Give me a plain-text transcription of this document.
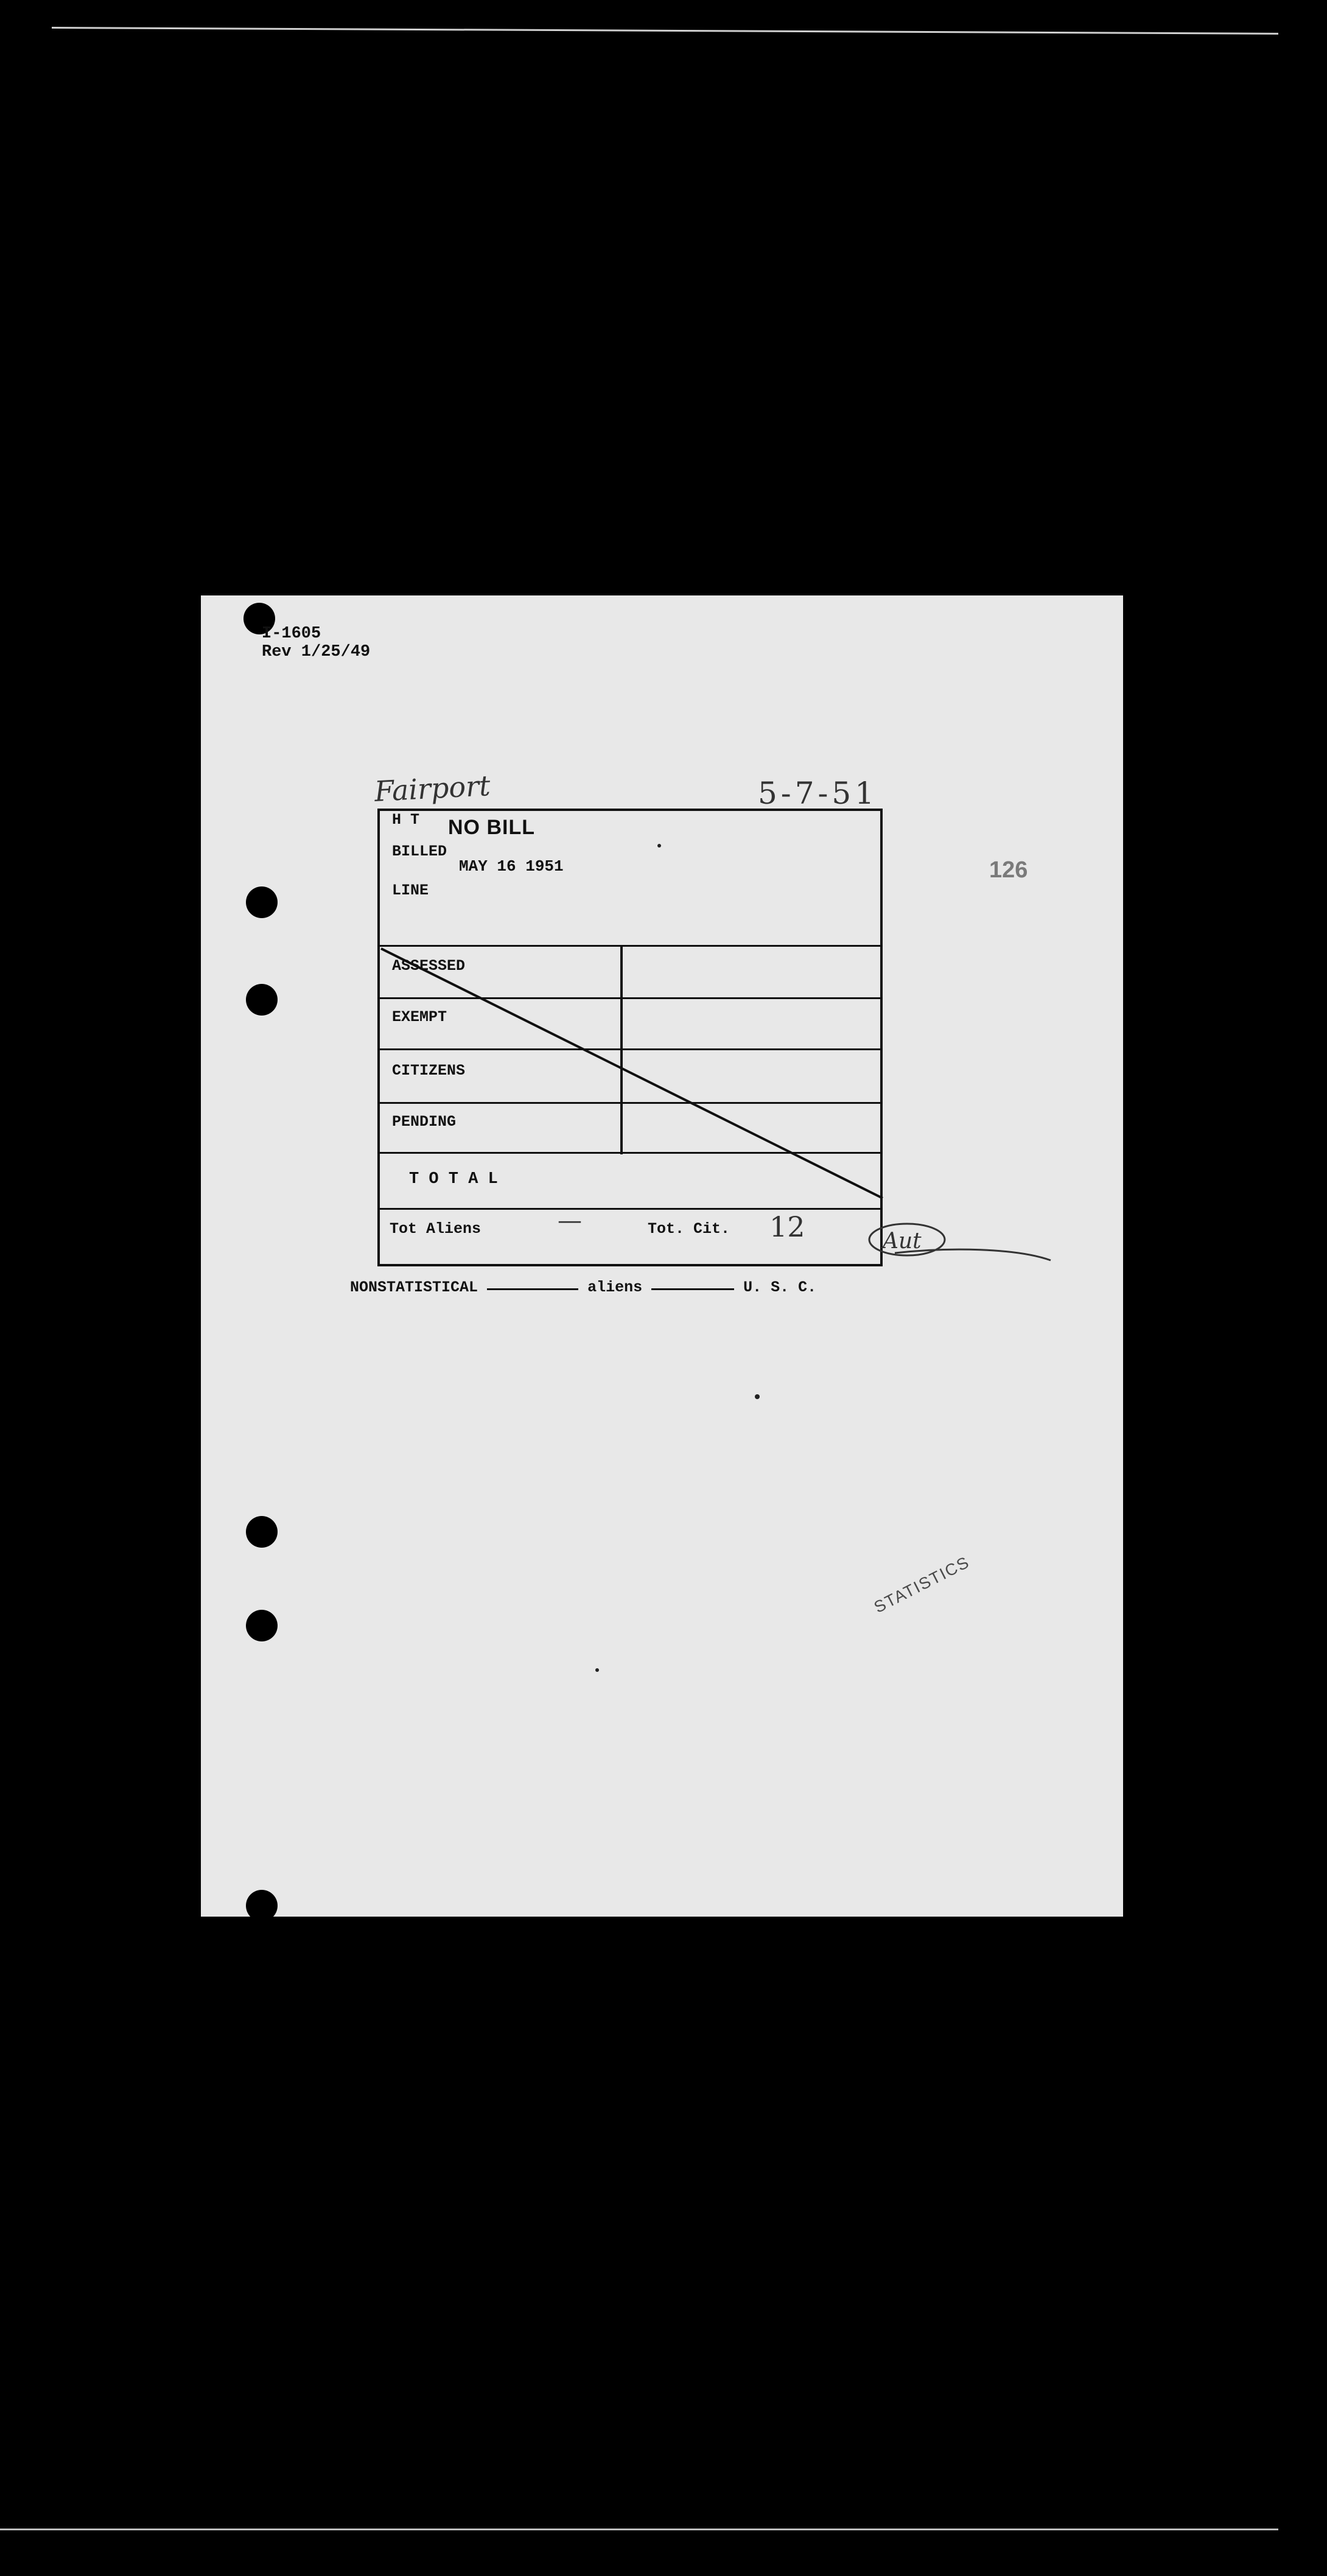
I-1605
Rev 1/25/49
Fairport	5-7-51
126
H T NO BILL
BILLED
MAY 16 1951
LINE
ASSESSED
EXEMPT
CITIZENS
PENDING
T O T A L
Tot Aliens	—	Tot. Cit. 12	Aut
NONSTATISTICAL	aliens	U. S. C.
STATISTICS
